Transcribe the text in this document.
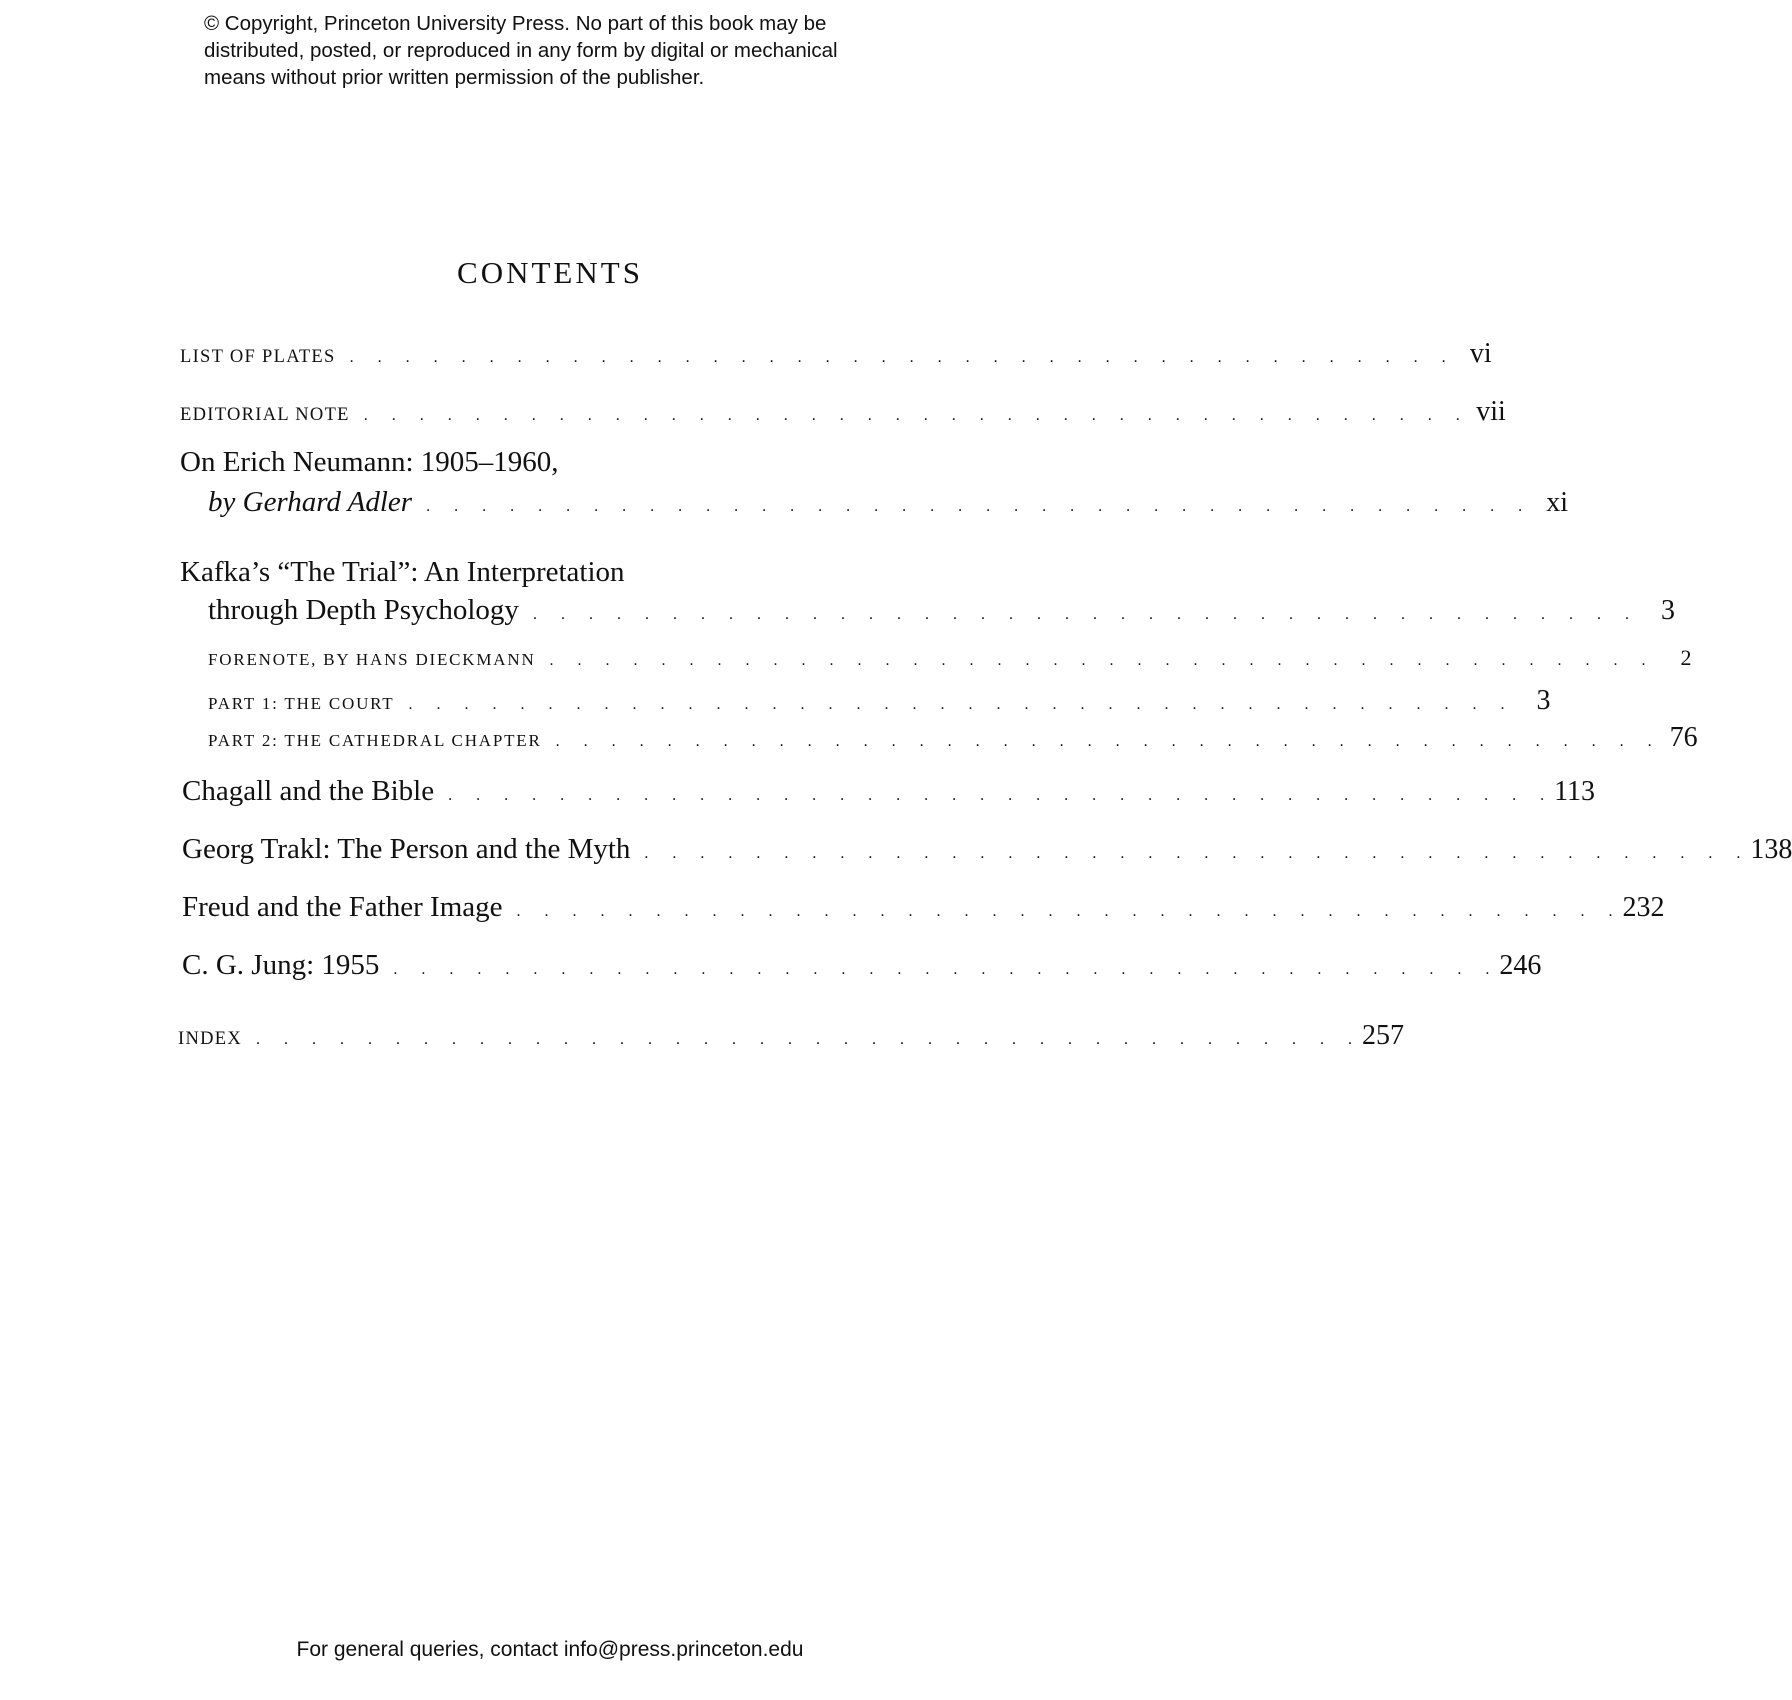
© Copyright, Princeton University Press. No part of this book may be
distributed, posted, or reproduced in any form by digital or mechanical
means without prior written permission of the publisher.
CONTENTS
LIST OF PLATES . . . . . . . . . . . . . . . . . . . . . . . . . . . . . . . . . . . . . . . . vi
EDITORIAL NOTE . . . . . . . . . . . . . . . . . . . . . . . . . . . . . . . . . . . . . . . . vii
On Erich Neumann: 1905–1960,
by Gerhard Adler . . . . . . . . . . . . . . . . . . . . . . . . . . . . . . . . . . . . . . . . xi
Kafka’s “The Trial”: An Interpretation
through Depth Psychology . . . . . . . . . . . . . . . . . . . . . . . . . . . . . . . . . . . . . . . . 3
FORENOTE, BY HANS DIECKMANN . . . . . . . . . . . . . . . . . . . . . . . . . . . . . . . . . . . . . . . .	2
PART 1: THE COURT . . . . . . . . . . . . . . . . . . . . . . . . . . . . . . . . . . . . . . . . 3
PART 2: THE CATHEDRAL CHAPTER . . . . . . . . . . . . . . . . . . . . . . . . . . . . . . . . . . . . . . . . 76
Chagall and the Bible . . . . . . . . . . . . . . . . . . . . . . . . . . . . . . . . . . . . . . . . 113
Georg Trakl: The Person and the Myth . . . . . . . . . . . . . . . . . . . . . . . . . . . . . . . . . . . . . . . . 138
Freud and the Father Image . . . . . . . . . . . . . . . . . . . . . . . . . . . . . . . . . . . . . . . . 232
C. G. Jung: 1955 . . . . . . . . . . . . . . . . . . . . . . . . . . . . . . . . . . . . . . . . 246
INDEX . . . . . . . . . . . . . . . . . . . . . . . . . . . . . . . . . . . . . . . . 257
For general queries, contact info@press.princeton.edu
